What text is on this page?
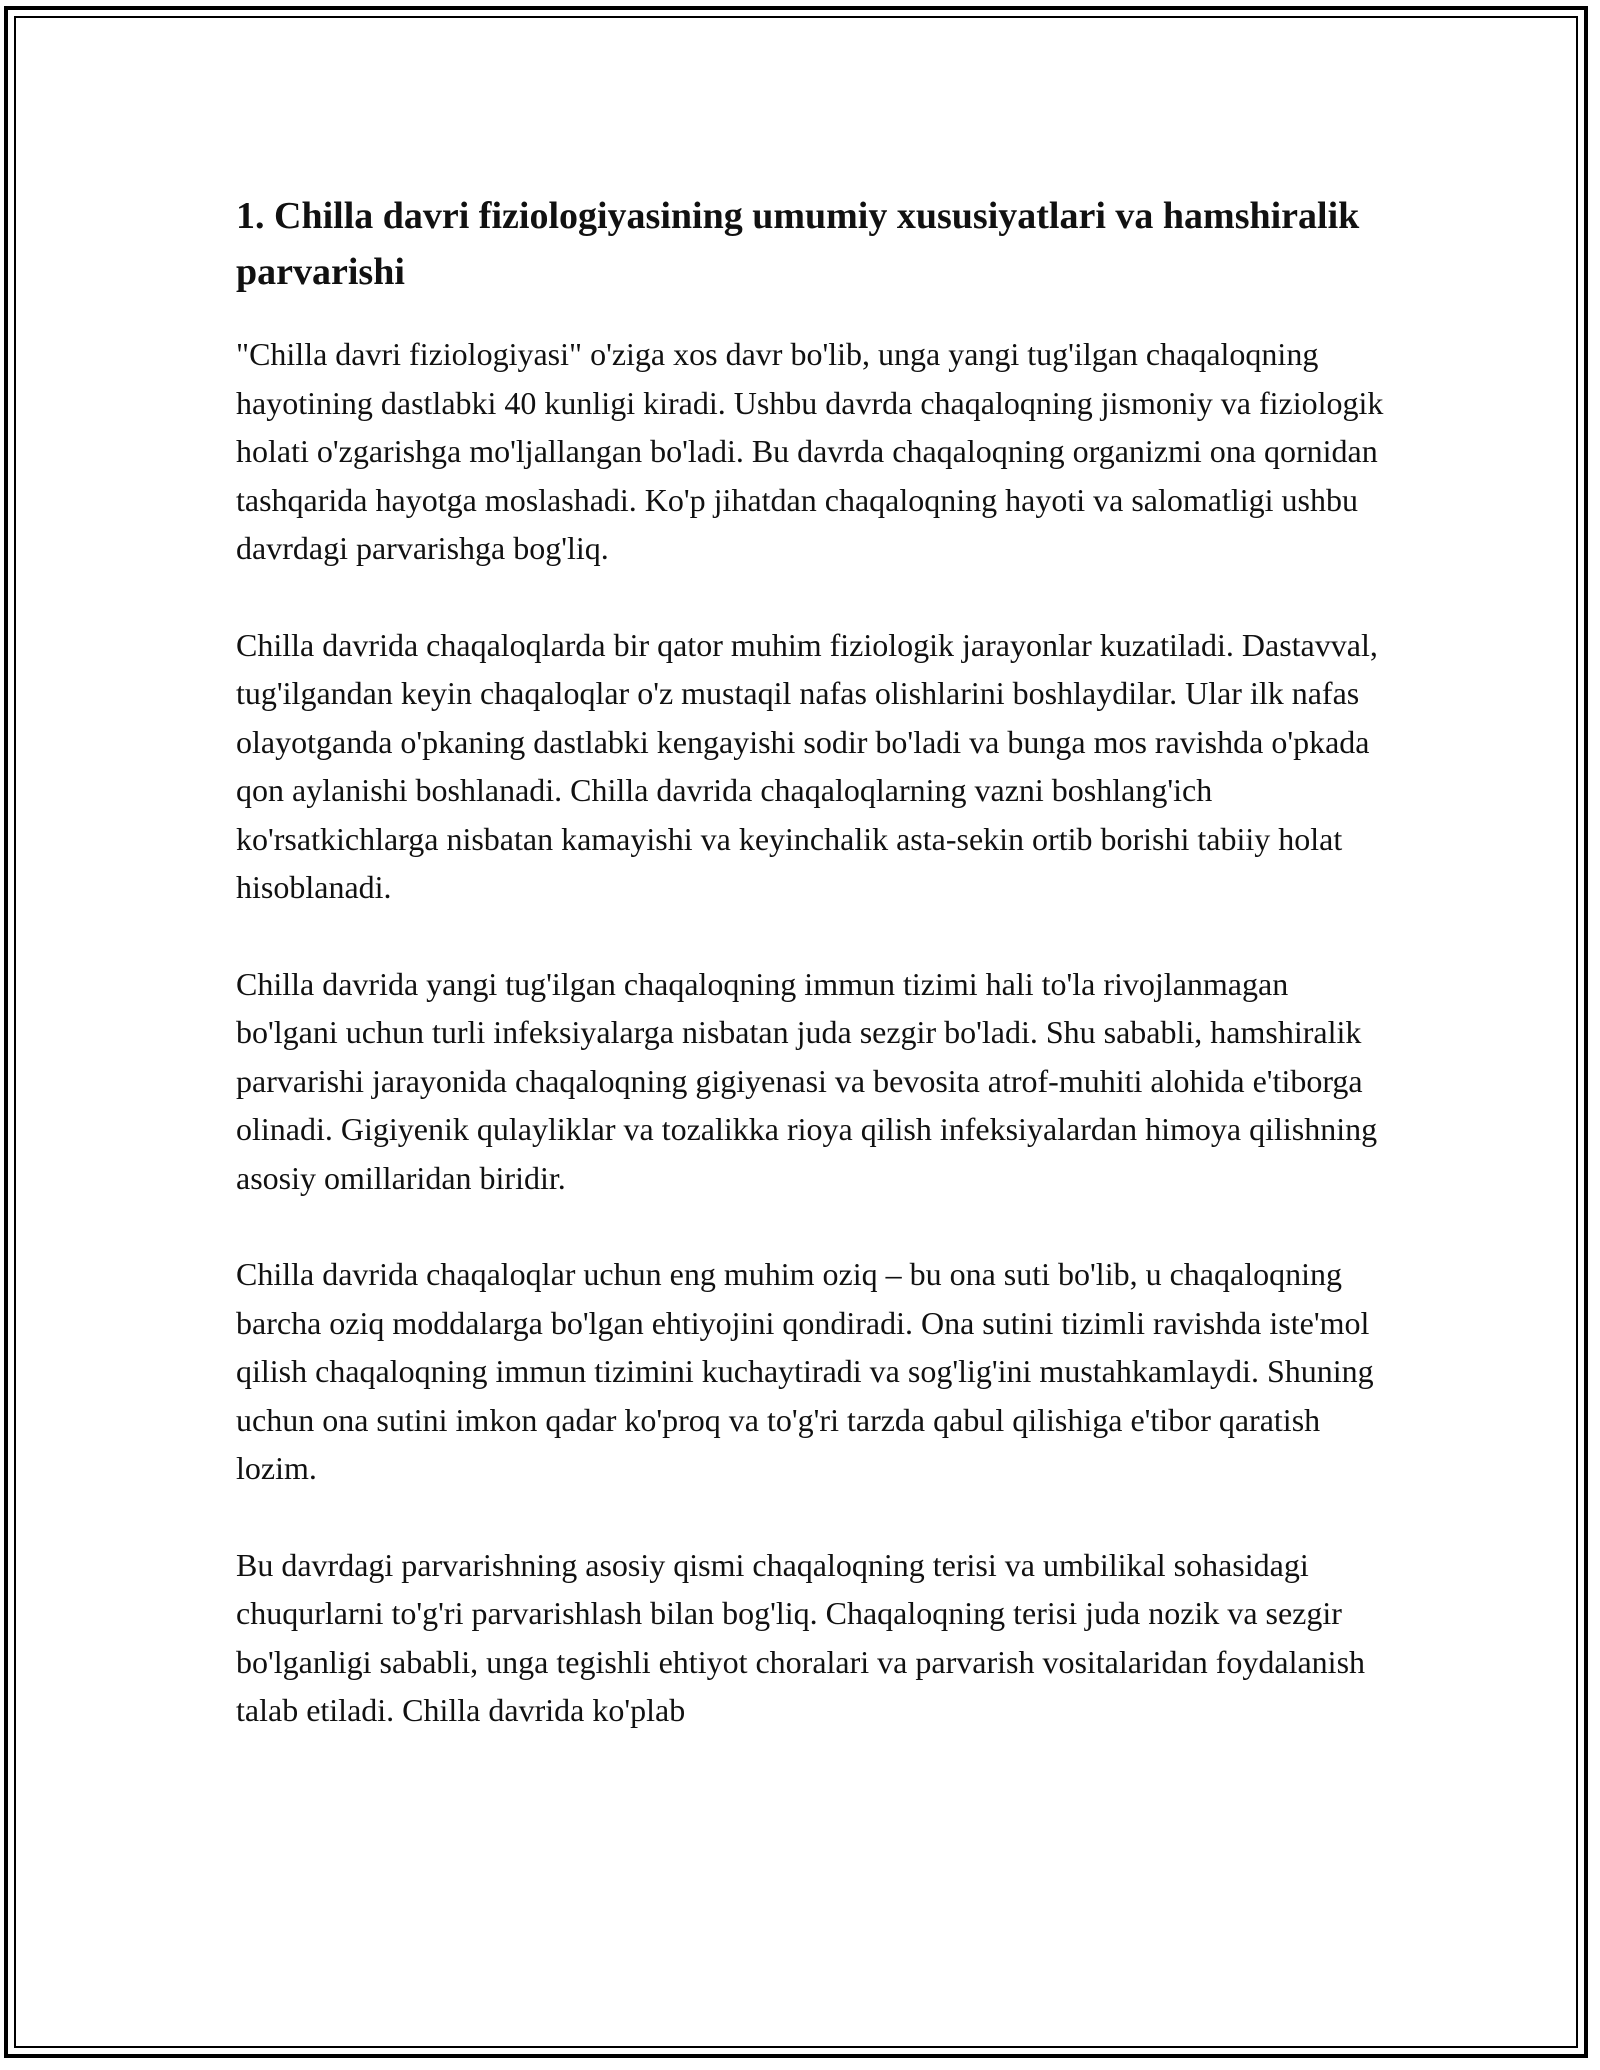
1. Chilla davri fiziologiyasining umumiy xususiyatlari va hamshiralik parvarishi

"Chilla davri fiziologiyasi" o'ziga xos davr bo'lib, unga yangi tug'ilgan chaqaloqning hayotining dastlabki 40 kunligi kiradi. Ushbu davrda chaqaloqning jismoniy va fiziologik holati o'zgarishga mo'ljallangan bo'ladi. Bu davrda chaqaloqning organizmi ona qornidan tashqarida hayotga moslashadi. Ko'p jihatdan chaqaloqning hayoti va salomatligi ushbu davrdagi parvarishga bog'liq.

Chilla davrida chaqaloqlarda bir qator muhim fiziologik jarayonlar kuzatiladi. Dastavval, tug'ilgandan keyin chaqaloqlar o'z mustaqil nafas olishlarini boshlaydilar. Ular ilk nafas olayotganda o'pkaning dastlabki kengayishi sodir bo'ladi va bunga mos ravishda o'pkada qon aylanishi boshlanadi. Chilla davrida chaqaloqlarning vazni boshlang'ich ko'rsatkichlarga nisbatan kamayishi va keyinchalik asta-sekin ortib borishi tabiiy holat hisoblanadi.

Chilla davrida yangi tug'ilgan chaqaloqning immun tizimi hali to'la rivojlanmagan bo'lgani uchun turli infeksiyalarga nisbatan juda sezgir bo'ladi. Shu sababli, hamshiralik parvarishi jarayonida chaqaloqning gigiyenasi va bevosita atrof-muhiti alohida e'tiborga olinadi. Gigiyenik qulayliklar va tozalikka rioya qilish infeksiyalardan himoya qilishning asosiy omillaridan biridir.

Chilla davrida chaqaloqlar uchun eng muhim oziq – bu ona suti bo'lib, u chaqaloqning barcha oziq moddalarga bo'lgan ehtiyojini qondiradi. Ona sutini tizimli ravishda iste'mol qilish chaqaloqning immun tizimini kuchaytiradi va sog'lig'ini mustahkamlaydi. Shuning uchun ona sutini imkon qadar ko'proq va to'g'ri tarzda qabul qilishiga e'tibor qaratish lozim.

Bu davrdagi parvarishning asosiy qismi chaqaloqning terisi va umbilikal sohasidagi chuqurlarni to'g'ri parvarishlash bilan bog'liq. Chaqaloqning terisi juda nozik va sezgir bo'lganligi sababli, unga tegishli ehtiyot choralari va parvarish vositalaridan foydalanish talab etiladi. Chilla davrida ko'plab
